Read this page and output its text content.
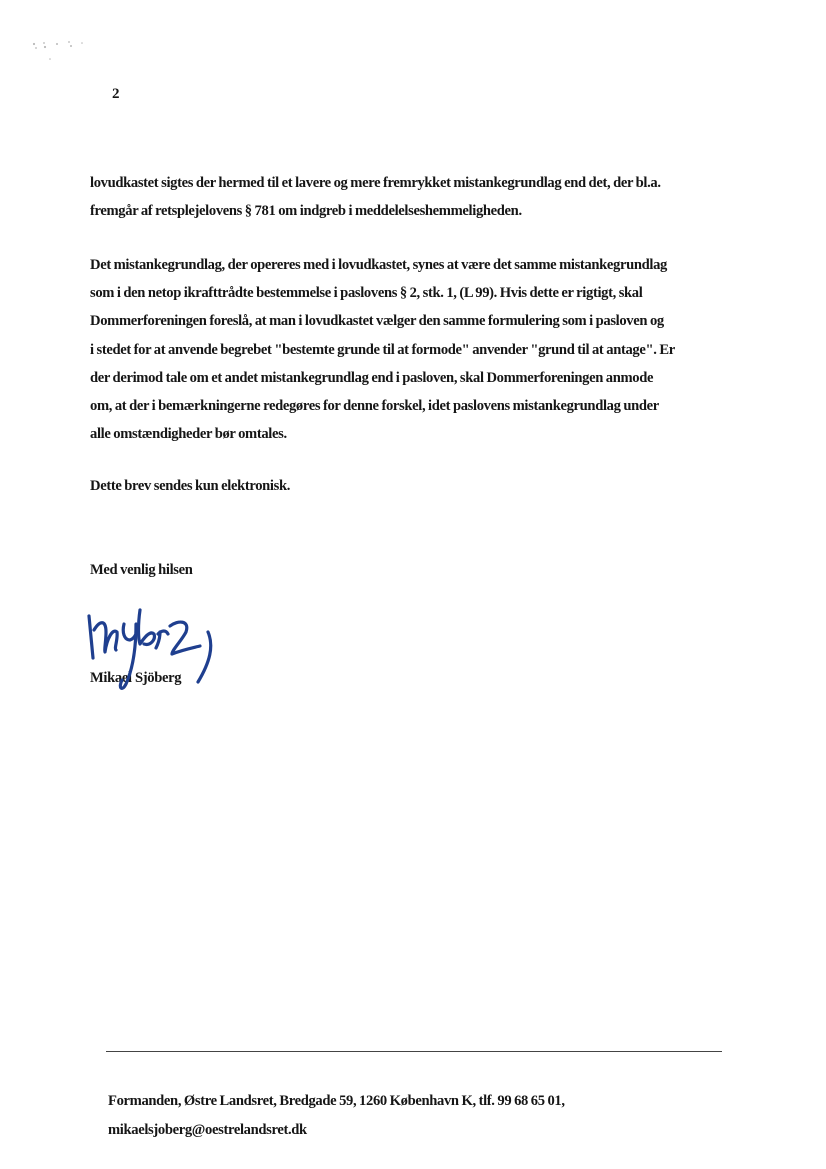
2
lovudkastet sigtes der hermed til et lavere og mere fremrykket mistankegrundlag end det, der bl.a.
fremgår af retsplejelovens § 781 om indgreb i meddelelseshemmeligheden.
Det mistankegrundlag, der opereres med i lovudkastet, synes at være det samme mistankegrundlag
som i den netop ikrafttrådte bestemmelse i paslovens § 2, stk. 1, (L 99). Hvis dette er rigtigt, skal
Dommerforeningen foreslå, at man i lovudkastet vælger den samme formulering som i pasloven og
i stedet for at anvende begrebet "bestemte grunde til at formode" anvender "grund til at antage". Er
der derimod tale om et andet mistankegrundlag end i pasloven, skal Dommerforeningen anmode
om, at der i bemærkningerne redegøres for denne forskel, idet paslovens mistankegrundlag under
alle omstændigheder bør omtales.
Dette brev sendes kun elektronisk.
Med venlig hilsen
Mikael Sjöberg
Formanden, Østre Landsret, Bredgade 59, 1260 København K, tlf. 99 68 65 01,
mikaelsjoberg@oestrelandsret.dk
